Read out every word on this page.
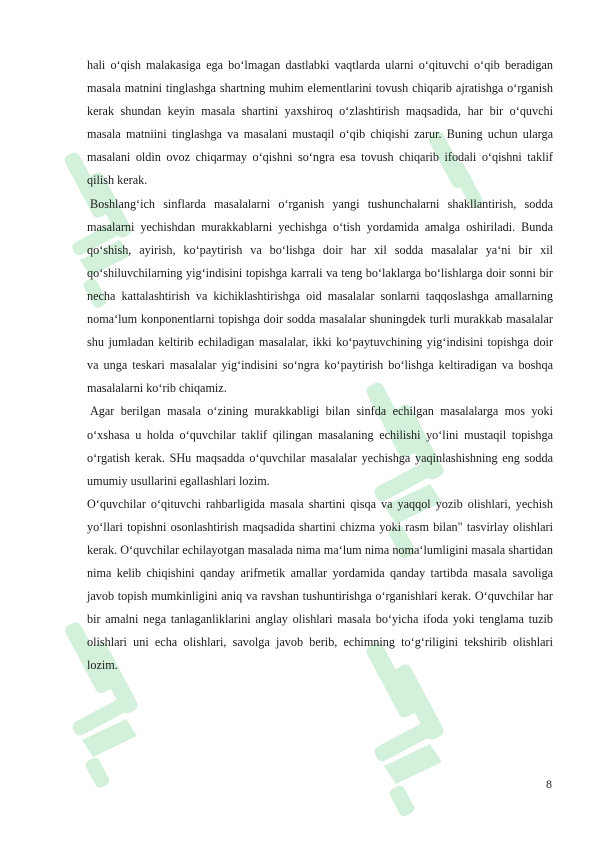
hali o‘qish malakasiga ega bo‘lmagan dastlabki vaqtlarda ularni o‘qituvchi o‘qib beradigan masala matnini tinglashga shartning muhim elementlarini tovush chiqarib ajratishga o‘rganish kerak shundan keyin masala shartini yaxshiroq o‘zlashtirish maqsadida, har bir o‘quvchi masala matniini tinglashga va masalani mustaqil o‘qib chiqishi zarur. Buning uchun ularga masalani oldin ovoz chiqarmay o‘qishni so‘ngra esa tovush chiqarib ifodali o‘qishni taklif qilish kerak.

Boshlang‘ich sinflarda masalalarni o‘rganish yangi tushunchalarni shakllantirish, sodda masalarni yechishdan murakkablarni yechishga o‘tish yordamida amalga oshiriladi. Bunda qo‘shish, ayirish, ko‘paytirish va bo‘lishga doir har xil sodda masalalar ya‘ni bir xil qo‘shiluvchilarning yig‘indisini topishga karrali va teng bo‘laklarga bo‘lishlarga doir sonni bir necha kattalashtirish va kichiklashtirishga oid masalalar sonlarni taqqoslashga amallarning noma‘lum konponentlarni topishga doir sodda masalalar shuningdek turli murakkab masalalar shu jumladan keltirib echiladigan masalalar, ikki ko‘paytuvchining yig‘indisini topishga doir va unga teskari masalalar yig‘indisini so‘ngra ko‘paytirish bo‘lishga keltiradigan va boshqa masalalarni ko‘rib chiqamiz.

Agar berilgan masala o‘zining murakkabligi bilan sinfda echilgan masalalarga mos yoki o‘xshasa u holda o‘quvchilar taklif qilingan masalaning echilishi yo‘lini mustaqil topishga o‘rgatish kerak. SHu maqsadda o‘quvchilar masalalar yechishga yaqinlashishning eng sodda umumiy usullarini egallashlari lozim.

O‘quvchilar o‘qituvchi rahbarligida masala shartini qisqa va yaqqol yozib olishlari, yechish yo‘llari topishni osonlashtirish maqsadida shartini chizma yoki rasm bilan" tasvirlay olishlari kerak. O‘quvchilar echilayotgan masalada nima ma‘lum nima noma‘lumligini masala shartidan nima kelib chiqishini qanday arifmetik amallar yordamida qanday tartibda masala savoliga javob topish mumkinligini aniq va ravshan tushuntirishga o‘rganishlari kerak. O‘quvchilar har bir amalni nega tanlaganliklarini anglay olishlari masala bo‘yicha ifoda yoki tenglama tuzib olishlari uni echa olishlari, savolga javob berib, echimning to‘g‘riligini tekshirib olishlari lozim.

8
